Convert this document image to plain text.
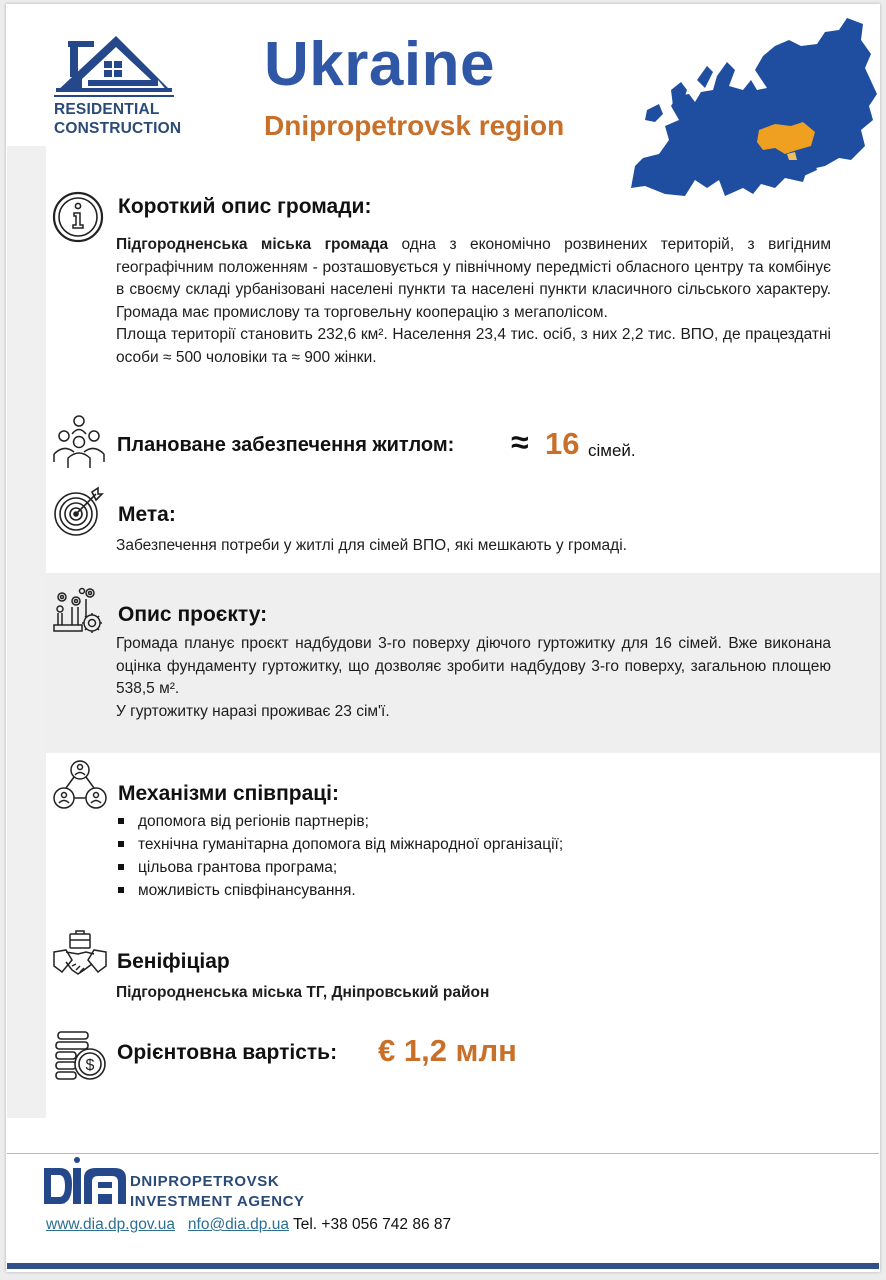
RESIDENTIAL
CONSTRUCTION
Ukraine
Dnipropetrovsk region
Короткий опис громади:
Підгородненська міська громада одна з економічно розвинених територій, з вигідним географічним положенням - розташовується у північному передмісті обласного центру та комбінує в своєму складі урбанізовані населені пункти та населені пункти класичного сільського характеру. Громада має промислову та торговельну кооперацію з мегаполісом.

Площа території становить 232,6 км². Населення 23,4 тис. осіб, з них 2,2 тис. ВПО, де працездатні особи ≈ 500 чоловіки та ≈ 900 жінки.
Плановане забезпечення житлом: ≈ 16 сімей.
Мета:
Забезпечення потреби у житлі для сімей ВПО, які мешкають у громаді.
Опис проєкту:
Громада планує проєкт надбудови 3-го поверху діючого гуртожитку для 16 сімей. Вже виконана оцінка фундаменту гуртожитку, що дозволяє зробити надбудову 3-го поверху, загальною площею 538,5 м².
У гуртожитку наразі проживає 23 сім'ї.
Механізми співпраці:
допомога від регіонів партнерів;
технічна гуманітарна допомога від міжнародної організації;
цільова грантова програма;
можливість співфінансування.
Беніфіціар
Підгородненська міська ТГ, Дніпровський район
$
Орієнтовна вартість: € 1,2 млн
DNIPROPETROVSK
INVESTMENT AGENCY
www.dia.dp.gov.ua nfo@dia.dp.ua Tel. +38 056 742 86 87
